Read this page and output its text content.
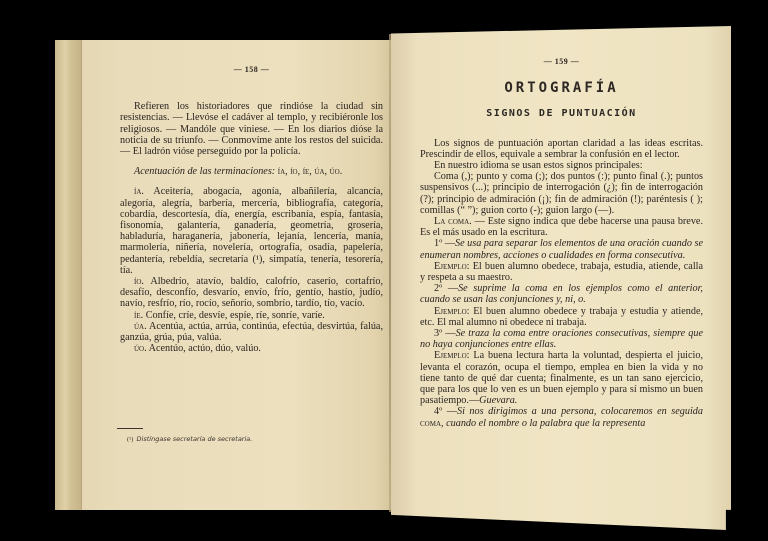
— 158 —

Refieren los historiadores que rindióse la ciudad sin resistencias. — Llevóse el cadáver al templo, y recibiéronle los religiosos. — Mandóle que viniese. — En los diarios dióse la noticia de su triunfo. — Conmovíme ante los restos del suicida. — El ladrón vióse perseguido por la policía.

Acentuación de las terminaciones: ía, ío, íe, úa, úo.

ía. Aceitería, abogacía, agonía, albañilería, alcancía, alegoría, alegría, barbería, mercería, bibliografía, categoría, cobardía, descortesía, día, energía, escribanía, espía, fantasía, fisonomía, galantería, ganadería, geometría, grosería, habladuría, haraganería, jabonería, lejanía, lencería, manía, marmolería, niñería, novelería, ortografía, osadía, papelería, pedantería, rebeldía, secretaría (¹), simpatía, tenería, tesorería, tía.

ío. Albedrío, atavío, baldío, calofrío, caserío, cortafrío, desafío, desconfío, desvarío, envío, frío, gentío, hastío, judío, navío, resfrío, río, rocío, señorío, sombrío, tardío, tío, vacío.

íe. Confíe, críe, desvíe, espíe, ríe, sonríe, varíe.

úa. Acentúa, actúa, arrúa, continúa, efectúa, desvirtúa, falúa, ganzúa, grúa, púa, valúa.

úo. Acentúo, actúo, dúo, valúo.

(¹) Distíngase secretaría de secretaria.
— 159 —
ORTOGRAFÍA
SIGNOS DE PUNTUACIÓN

Los signos de puntuación aportan claridad a las ideas escritas. Prescindir de ellos, equivale a sembrar la confusión en el lector.

En nuestro idioma se usan estos signos principales:

Coma (,); punto y coma (;); dos puntos (:); punto final (.); puntos suspensivos (...); principio de interrogación (¿); fin de interrogación (?); principio de admiración (¡); fin de admiración (!); paréntesis ( ); comillas (“ ”); guion corto (-); guion largo (—).

La coma. — Este signo indica que debe hacerse una pausa breve. Es el más usado en la escritura.

1º —Se usa para separar los elementos de una oración cuando se enumeran nombres, acciones o cualidades en forma consecutiva.

Ejemplo: El buen alumno obedece, trabaja, estudia, atiende, calla y respeta a su maestro.

2º —Se suprime la coma en los ejemplos como el anterior, cuando se usan las conjunciones y, ni, o.

Ejemplo: El buen alumno obedece y trabaja y estudia y atiende, etc. El mal alumno ni obedece ni trabaja.

3º —Se traza la coma entre oraciones consecutivas, siempre que no haya conjunciones entre ellas.

Ejemplo: La buena lectura harta la voluntad, despierta el juicio, levanta el corazón, ocupa el tiempo, emplea en bien la vida y no tiene tanto de qué dar cuenta; finalmente, es un tan sano ejercicio, que para los que lo ven es un buen ejemplo y para sí mismo un buen pasatiempo.—Guevara.

4º —Si nos dirigimos a una persona, colocaremos en seguida coma, cuando el nombre o la palabra que la representa
